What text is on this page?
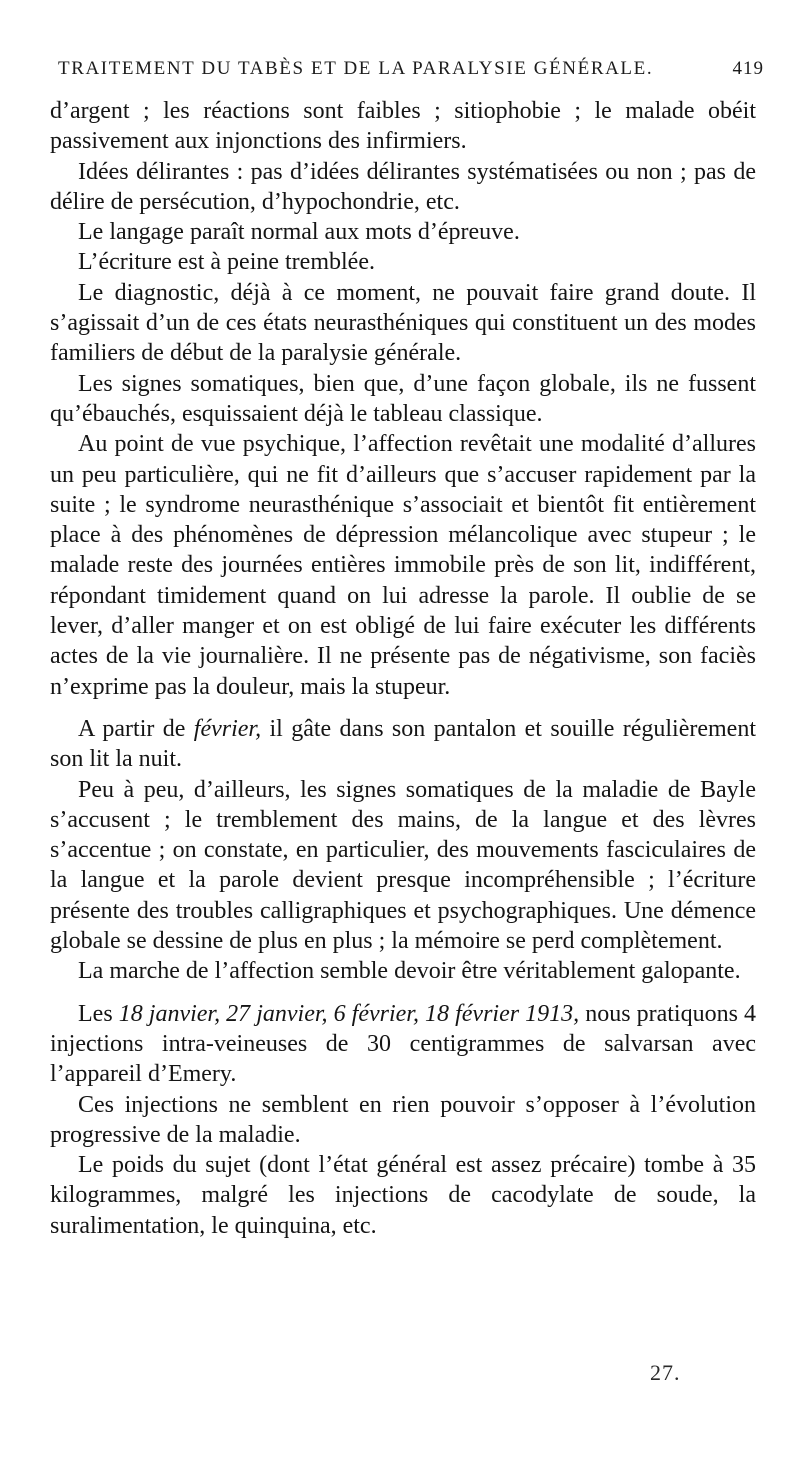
TRAITEMENT DU TABÈS ET DE LA PARALYSIE GÉNÉRALE.	419

d’argent ; les réactions sont faibles ; sitiophobie ; le malade obéit passivement aux injonctions des infirmiers.

Idées délirantes : pas d’idées délirantes systématisées ou non ; pas de délire de persécution, d’hypochondrie, etc.

Le langage paraît normal aux mots d’épreuve.

L’écriture est à peine tremblée.

Le diagnostic, déjà à ce moment, ne pouvait faire grand doute. Il s’agissait d’un de ces états neurasthéniques qui constituent un des modes familiers de début de la paralysie générale.

Les signes somatiques, bien que, d’une façon globale, ils ne fussent qu’ébauchés, esquissaient déjà le tableau classique.

Au point de vue psychique, l’affection revêtait une modalité d’allures un peu particulière, qui ne fit d’ailleurs que s’accuser rapidement par la suite ; le syndrome neurasthénique s’associait et bientôt fit entièrement place à des phénomènes de dépression mélancolique avec stupeur ; le malade reste des journées entières immobile près de son lit, indifférent, répondant timidement quand on lui adresse la parole. Il oublie de se lever, d’aller manger et on est obligé de lui faire exécuter les différents actes de la vie journalière. Il ne présente pas de négativisme, son faciès n’exprime pas la douleur, mais la stupeur.

A partir de février, il gâte dans son pantalon et souille régulièrement son lit la nuit.

Peu à peu, d’ailleurs, les signes somatiques de la maladie de Bayle s’accusent ; le tremblement des mains, de la langue et des lèvres s’accentue ; on constate, en particulier, des mouvements fasciculaires de la langue et la parole devient presque incompréhensible ; l’écriture présente des troubles calligraphiques et psychographiques. Une démence globale se dessine de plus en plus ; la mémoire se perd complètement.

La marche de l’affection semble devoir être véritablement galopante.

Les 18 janvier, 27 janvier, 6 février, 18 février 1913, nous pratiquons 4 injections intra-veineuses de 30 centigrammes de salvarsan avec l’appareil d’Emery.

Ces injections ne semblent en rien pouvoir s’opposer à l’évolution progressive de la maladie.

Le poids du sujet (dont l’état général est assez précaire) tombe à 35 kilogrammes, malgré les injections de cacodylate de soude, la suralimentation, le quinquina, etc.

27.
